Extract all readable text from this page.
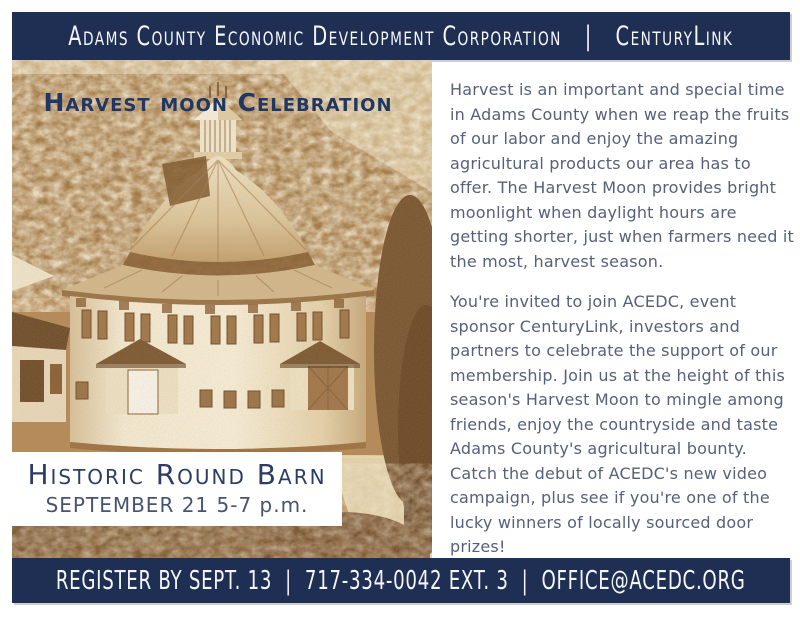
Adams County Economic Development Corporation   |   CenturyLink
Harvest moon Celebration
Historic Round Barn
SEPTEMBER 21 5-7 p.m.

Harvest is an important and special time in Adams County when we reap the fruits of our labor and enjoy the amazing agricultural products our area has to offer. The Harvest Moon provides bright moonlight when daylight hours are getting shorter, just when farmers need it the most, harvest season.

You're invited to join ACEDC, event sponsor CenturyLink, investors and partners to celebrate the support of our membership. Join us at the height of this season's Harvest Moon to mingle among friends, enjoy the countryside and taste Adams County's agricultural bounty. Catch the debut of ACEDC's new video campaign, plus see if you're one of the lucky winners of locally sourced door prizes!

REGISTER BY SEPT. 13  |  717-334-0042 EXT. 3  |  OFFICE@ACEDC.ORG
